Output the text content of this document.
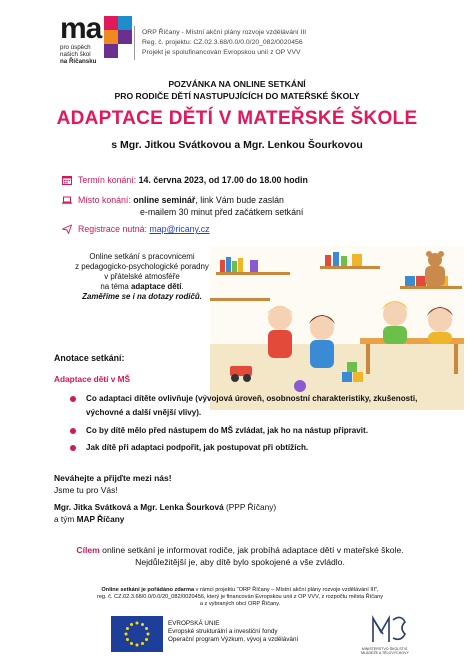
ma
pro úspěch
našich škol
na Říčansku
ORP Říčany - Místní akční plány rozvoje vzdělávání III
Reg. č. projektu: CZ.02.3.68/0.0/0.0/20_082/0020456
Projekt je spolufinancován Evropskou unií z OP VVV
POZVÁNKA NA ONLINE SETKÁNÍ
PRO RODIČE DĚTÍ NASTUPUJÍCÍCH DO MATEŘSKÉ ŠKOLY
ADAPTACE DĚTÍ V MATEŘSKÉ ŠKOLE
s Mgr. Jitkou Svátkovou a Mgr. Lenkou Šourkovou
Termín konání: 14. června 2023, od 17.00 do 18.00 hodin
Místo konání: online seminář, link Vám bude zaslán
e-mailem 30 minut před začátkem setkání
Registrace nutná: map@ricany.cz
Online setkání s pracovnicemi
z pedagogicko-psychologické poradny
v přátelské atmosféře
na téma adaptace dětí.
Zaměříme se i na dotazy rodičů.
Anotace setkání:
Adaptace dětí v MŠ
Co adaptaci dítěte ovlivňuje (vývojová úroveň, osobnostní charakteristiky, zkušenosti, výchovné a další vnější vlivy).
Co by dítě mělo před nástupem do MŠ zvládat, jak ho na nástup připravit.
Jak dítě při adaptaci podpořit, jak postupovat při obtížích.
Neváhejte a přijďte mezi nás!
Jsme tu pro Vás!
Mgr. Jitka Svátková a Mgr. Lenka Šourková (PPP Říčany)
a tým MAP Říčany
Cílem online setkání je informovat rodiče, jak probíhá adaptace dětí v mateřské škole.
Nejdůležitější je, aby dítě bylo spokojené a vše zvládlo.
Online setkání je pořádáno zdarma v rámci projektu "ORP Říčany – Místní akční plány rozvoje vzdělávání III",
reg. č. CZ.02.3.68/0.0/0.0/20_082/0020456, který je financován Evropskou unií z OP VVV, z rozpočtu města Říčany
a z vybraných obcí ORP Říčany.
EVROPSKÁ UNIE
Evropské strukturální a investiční fondy
Operační program Výzkum, vývoj a vzdělávání
MINISTERSTVO ŠKOLSTVÍ,
MLÁDEŽE A TĚLOVÝCHOVY
